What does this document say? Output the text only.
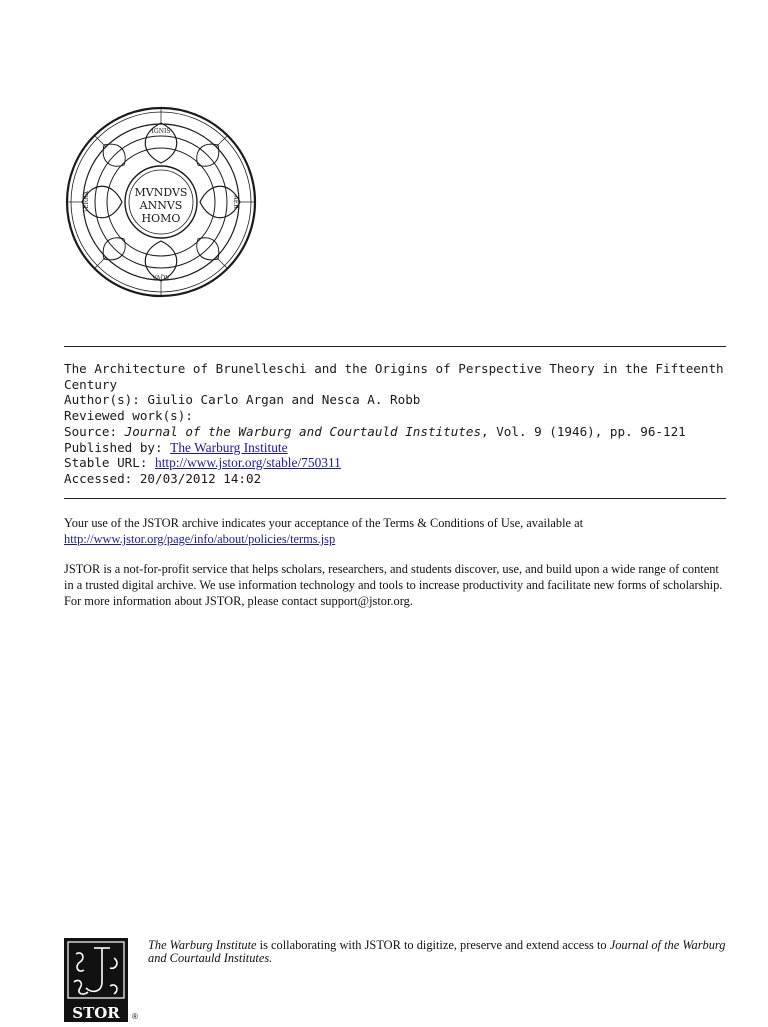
MVNDVS
ANNVS
HOMO
IGNIS
AER
AQVA
TERRA
The Architecture of Brunelleschi and the Origins of Perspective Theory in the Fifteenth
Century
Author(s): Giulio Carlo Argan and Nesca A. Robb
Reviewed work(s):
Source: Journal of the Warburg and Courtauld Institutes, Vol. 9 (1946), pp. 96-121
Published by: The Warburg Institute
Stable URL: http://www.jstor.org/stable/750311
Accessed: 20/03/2012 14:02
Your use of the JSTOR archive indicates your acceptance of the Terms & Conditions of Use, available at
http://www.jstor.org/page/info/about/policies/terms.jsp
JSTOR is a not-for-profit service that helps scholars, researchers, and students discover, use, and build upon a wide range of content in a trusted digital archive. We use information technology and tools to increase productivity and facilitate new forms of scholarship. For more information about JSTOR, please contact support@jstor.org.
STOR ®
The Warburg Institute is collaborating with JSTOR to digitize, preserve and extend access to Journal of the Warburg and Courtauld Institutes.
